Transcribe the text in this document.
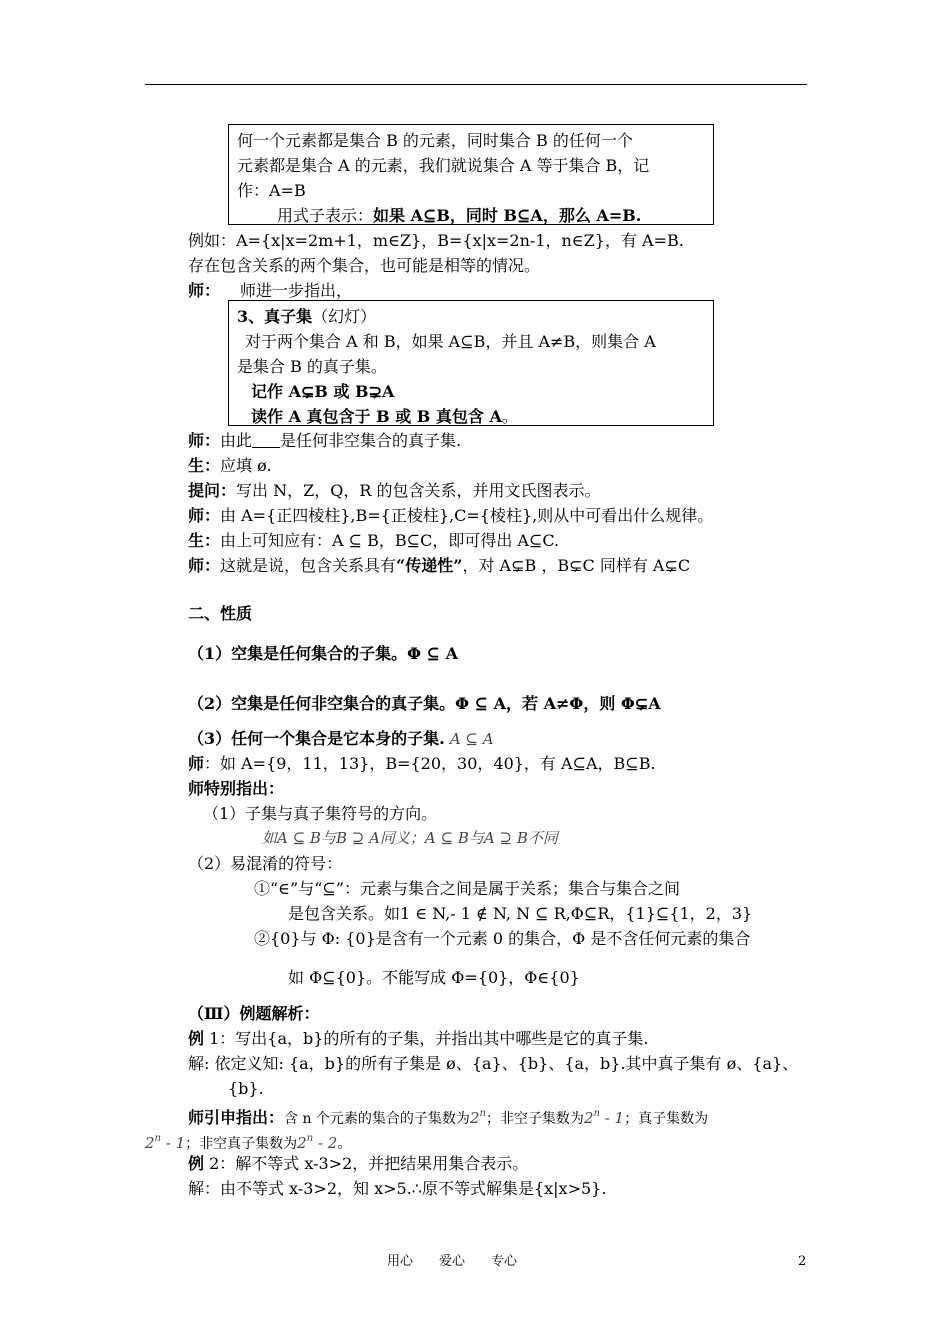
何一个元素都是集合 B 的元素，同时集合 B 的任何一个
元素都是集合 A 的元素，我们就说集合 A 等于集合 B，记
作：A=B
用式子表示：如果 A⊆B，同时 B⊆A，那么 A=B.
例如：A={x|x=2m+1，m∈Z}，B={x|x=2n-1，n∈Z}，有 A=B.
存在包含关系的两个集合，也可能是相等的情况。
师： 师进一步指出，
3、真子集（幻灯）
对于两个集合 A 和 B，如果 A⊆B，并且 A≠B，则集合 A
是集合 B 的真子集。
记作 A⊊B 或 B⊋A
读作 A 真包含于 B 或 B 真包含 A。
师：由此 是任何非空集合的真子集.
生：应填 ø.
提问：写出 N，Z，Q，R 的包含关系，并用文氏图表示。
师：由 A={正四棱柱},B={正棱柱},C={棱柱},则从中可看出什么规律。
生：由上可知应有：A ⊆ B，B⊆C，即可得出 A⊆C.
师：这就是说，包含关系具有“传递性”，对 A⊊B ，B⊊C 同样有 A⊊C
二、性质
（1）空集是任何集合的子集。Φ ⊆ A
（2）空集是任何非空集合的真子集。Φ ⊆ A，若 A≠Φ，则 Φ⊊A
（3）任何一个集合是它本身的子集. A ⊆ A
师：如 A={9，11，13}，B={20，30，40}，有 A⊆A，B⊆B.
师特别指出：
（1）子集与真子集符号的方向。
如A ⊆ B与B ⊇ A同义；A ⊆ B与A ⊇ B不同
（2）易混淆的符号：
①“∈”与“⊆”：元素与集合之间是属于关系；集合与集合之间
是包含关系。如1 ∈ N,‐ 1 ∉ N, N ⊆ R,Φ⊆R，{1}⊆{1，2，3}
②{0}与 Φ: {0}是含有一个元素 0 的集合，Φ 是不含任何元素的集合
如 Φ⊆{0}。不能写成 Φ={0}，Φ∈{0}
（Ⅲ）例题解析：
例 1：写出{a，b}的所有的子集，并指出其中哪些是它的真子集.
解: 依定义知: {a，b}的所有子集是 ø、{a}、{b}、{a，b}.其中真子集有 ø、{a}、
{b}.
师引申指出：含 n 个元素的集合的子集数为2$^n$；非空子集数为2$^n$ - 1；真子集数为
2$^n$ - 1；非空真子集数为2$^n$ - 2。
例 2：解不等式 x-3>2，并把结果用集合表示。
解：由不等式 x-3>2，知 x>5.∴原不等式解集是{x|x>5}.
用心　　爱心　　专心	2
